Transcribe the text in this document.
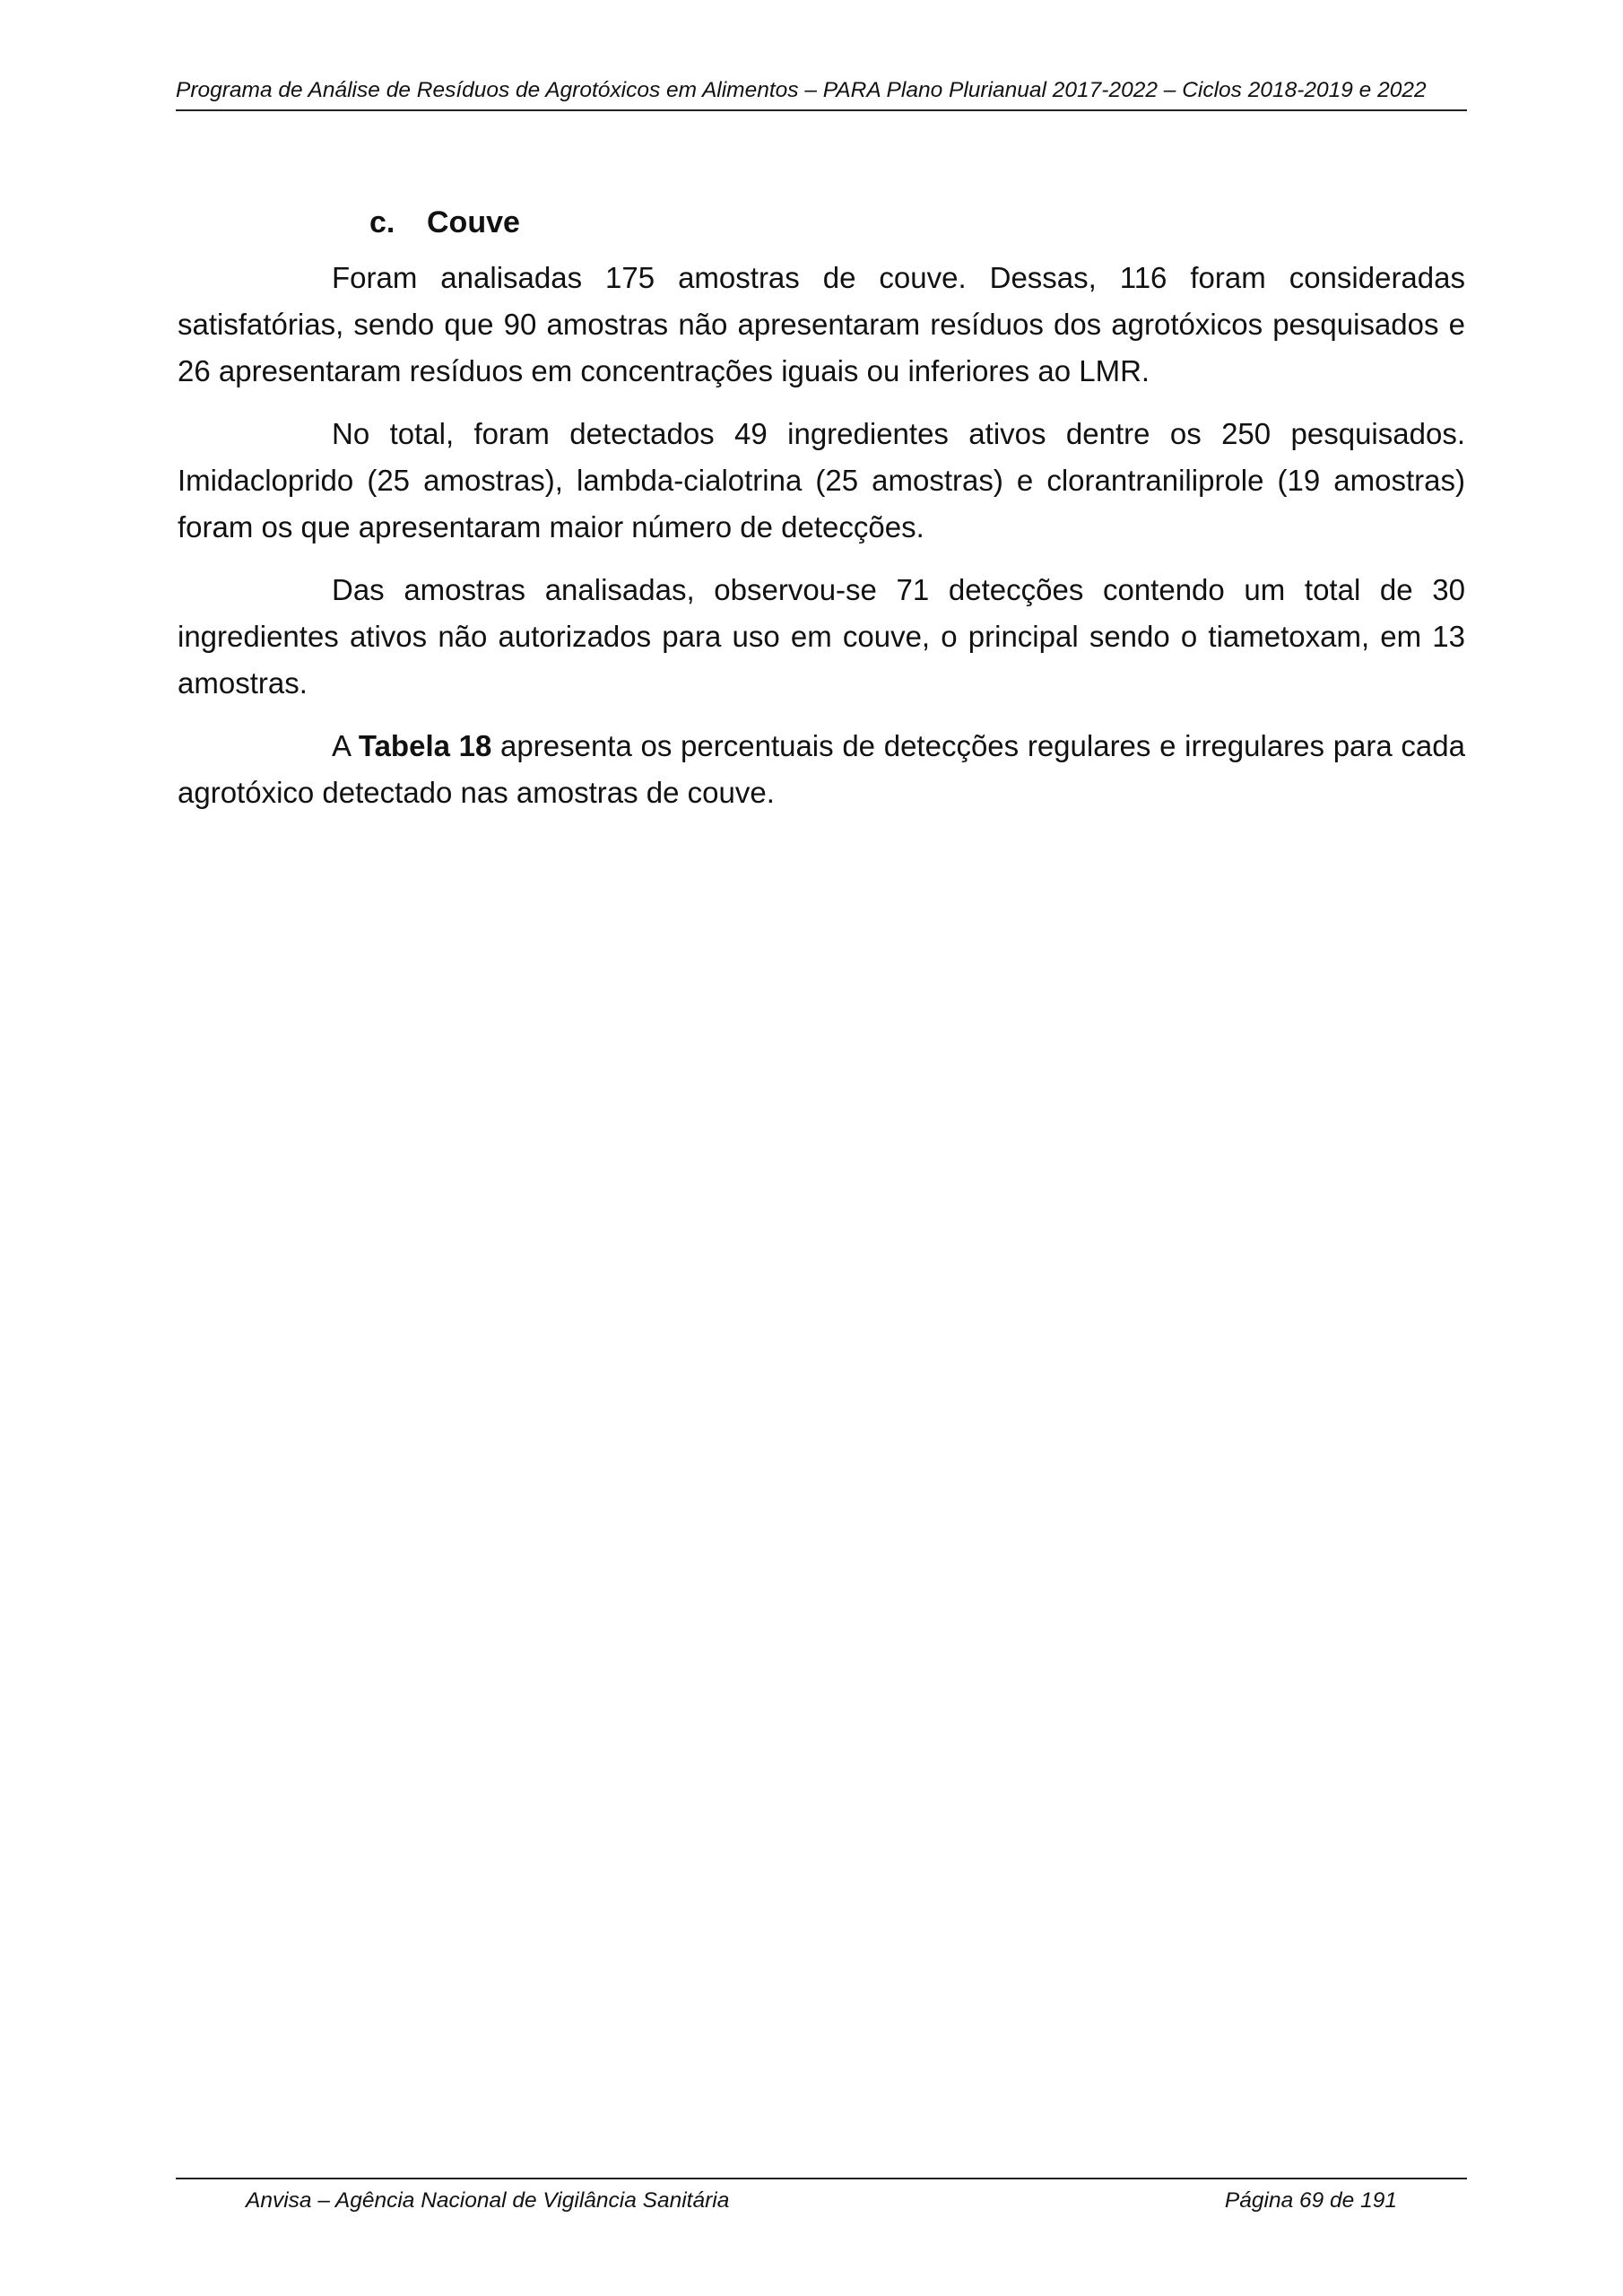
Programa de Análise de Resíduos de Agrotóxicos em Alimentos – PARA Plano Plurianual 2017-2022 – Ciclos 2018-2019 e 2022
c. Couve

Foram analisadas 175 amostras de couve. Dessas, 116 foram consideradas satisfatórias, sendo que 90 amostras não apresentaram resíduos dos agrotóxicos pesquisados e 26 apresentaram resíduos em concentrações iguais ou inferiores ao LMR.

No total, foram detectados 49 ingredientes ativos dentre os 250 pesquisados. Imidacloprido (25 amostras), lambda-cialotrina (25 amostras) e clorantraniliprole (19 amostras) foram os que apresentaram maior número de detecções.

Das amostras analisadas, observou-se 71 detecções contendo um total de 30 ingredientes ativos não autorizados para uso em couve, o principal sendo o tiametoxam, em 13 amostras.

A Tabela 18 apresenta os percentuais de detecções regulares e irregulares para cada agrotóxico detectado nas amostras de couve.

Anvisa – Agência Nacional de Vigilância Sanitária	Página 69 de 191
